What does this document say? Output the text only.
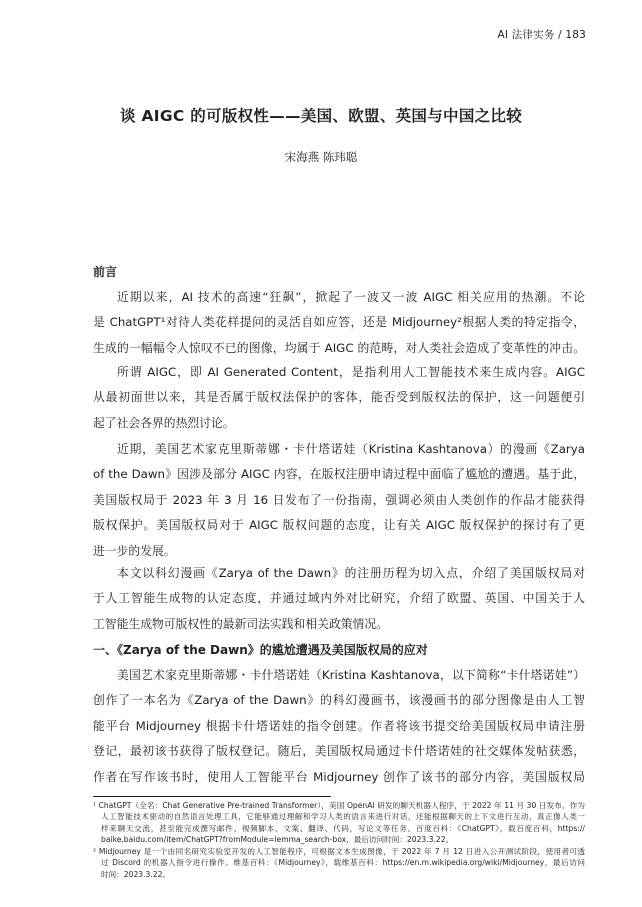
AI 法律实务 / 183
谈 AIGC 的可版权性——美国、欧盟、英国与中国之比较
宋海燕 陈玮聪
前言
近期以来，AI 技术的高速“狂飙”，掀起了一波又一波 AIGC 相关应用的热潮。不论
是 ChatGPT¹对待人类花样提问的灵活自如应答，还是 Midjourney²根据人类的特定指令，
生成的一幅幅令人惊叹不已的图像，均属于 AIGC 的范畴，对人类社会造成了变革性的冲击。
所谓 AIGC，即 AI Generated Content，是指利用人工智能技术来生成内容。AIGC
从最初面世以来，其是否属于版权法保护的客体，能否受到版权法的保护，这一问题便引
起了社会各界的热烈讨论。
近期，美国艺术家克里斯蒂娜・卡什塔诺娃（Kristina Kashtanova）的漫画《Zarya
of the Dawn》因涉及部分 AIGC 内容，在版权注册申请过程中面临了尴尬的遭遇。基于此，
美国版权局于 2023 年 3 月 16 日发布了一份指南，强调必须由人类创作的作品才能获得
版权保护。美国版权局对于 AIGC 版权问题的态度，让有关 AIGC 版权保护的探讨有了更
进一步的发展。
本文以科幻漫画《Zarya of the Dawn》的注册历程为切入点，介绍了美国版权局对
于人工智能生成物的认定态度，并通过域内外对比研究，介绍了欧盟、英国、中国关于人
工智能生成物可版权性的最新司法实践和相关政策情况。
一、《Zarya of the Dawn》的尴尬遭遇及美国版权局的应对
美国艺术家克里斯蒂娜・卡什塔诺娃（Kristina Kashtanova，以下简称“卡什塔诺娃”）
创作了一本名为《Zarya of the Dawn》的科幻漫画书，该漫画书的部分图像是由人工智
能平台 Midjourney 根据卡什塔诺娃的指令创建。作者将该书提交给美国版权局申请注册
登记，最初该书获得了版权登记。随后，美国版权局通过卡什塔诺娃的社交媒体发帖获悉，
作者在写作该书时，使用人工智能平台 Midjourney 创作了该书的部分内容，美国版权局
¹ ChatGPT（全名：Chat Generative Pre-trained Transformer），美国 OpenAI 研发的聊天机器人程序，于 2022 年 11 月 30 日发布。作为
人工智能技术驱动的自然语言处理工具，它能够通过理解和学习人类的语言来进行对话，还能根据聊天的上下文进行互动，真正像人类一
样来聊天交流，甚至能完成撰写邮件、视频脚本、文案、翻译、代码，写论文等任务。百度百科：《ChatGPT》，载百度百科，https://
baike.baidu.com/item/ChatGPT?fromModule=lemma_search-box，最后访问时间：2023.3.22。
² Midjourney 是一个由同名研究实验室开发的人工智能程序，可根据文本生成图像，于 2022 年 7 月 12 日进入公开测试阶段，使用者可透
过 Discord 的机器人指令进行操作。维基百科：《Midjourney》，载维基百科：https://en.m.wikipedia.org/wiki/Midjourney，最后访问
时间：2023.3.22。
